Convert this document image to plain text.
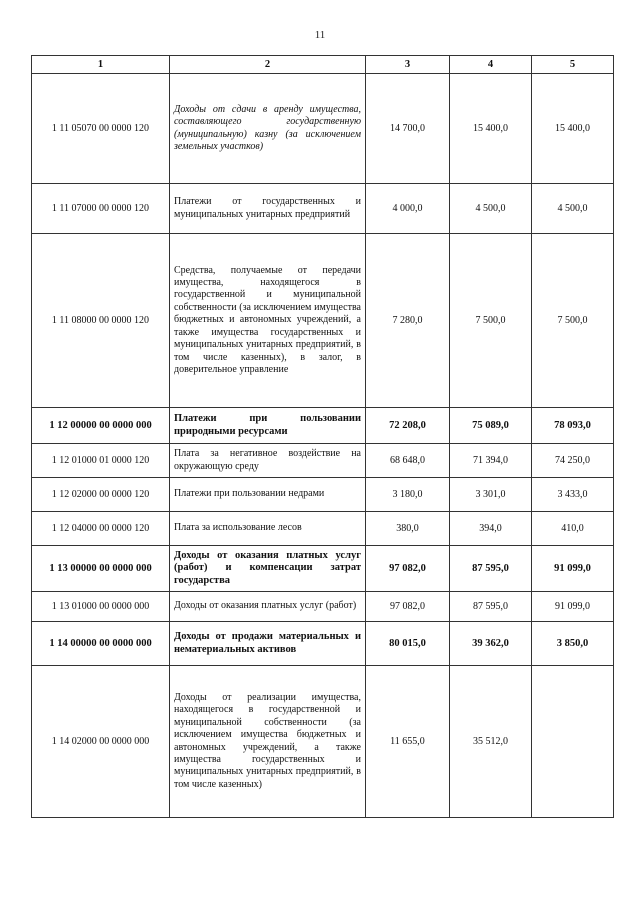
11
1	2	3	4	5
1 11 05070 00 0000 120	Доходы от сдачи в аренду имущества, составляющего государственную (муниципальную) казну (за исключением земельных участков)	14 700,0	15 400,0	15 400,0
1 11 07000 00 0000 120	Платежи от государственных и муниципальных унитарных предприятий	4 000,0	4 500,0	4 500,0
1 11 08000 00 0000 120	Средства, получаемые от передачи имущества, находящегося в государственной и муниципальной собственности (за исключением имущества бюджетных и автономных учреждений, а также имущества государственных и муниципальных унитарных предприятий, в том числе казенных), в залог, в доверительное управление	7 280,0	7 500,0	7 500,0
1 12 00000 00 0000 000	Платежи при пользовании природными ресурсами	72 208,0	75 089,0	78 093,0
1 12 01000 01 0000 120	Плата за негативное воздействие на окружающую среду	68 648,0	71 394,0	74 250,0
1 12 02000 00 0000 120	Платежи при пользовании недрами	3 180,0	3 301,0	3 433,0
1 12 04000 00 0000 120	Плата за использование лесов	380,0	394,0	410,0
1 13 00000 00 0000 000	Доходы от оказания платных услуг (работ) и компенсации затрат государства	97 082,0	87 595,0	91 099,0
1 13 01000 00 0000 000	Доходы от оказания платных услуг (работ)	97 082,0	87 595,0	91 099,0
1 14 00000 00 0000 000	Доходы от продажи материальных и нематериальных активов	80 015,0	39 362,0	3 850,0
1 14 02000 00 0000 000	Доходы от реализации имущества, находящегося в государственной и муниципальной собственности (за исключением имущества бюджетных и автономных учреждений, а также имущества государственных и муниципальных унитарных предприятий, в том числе казенных)	11 655,0	35 512,0	
